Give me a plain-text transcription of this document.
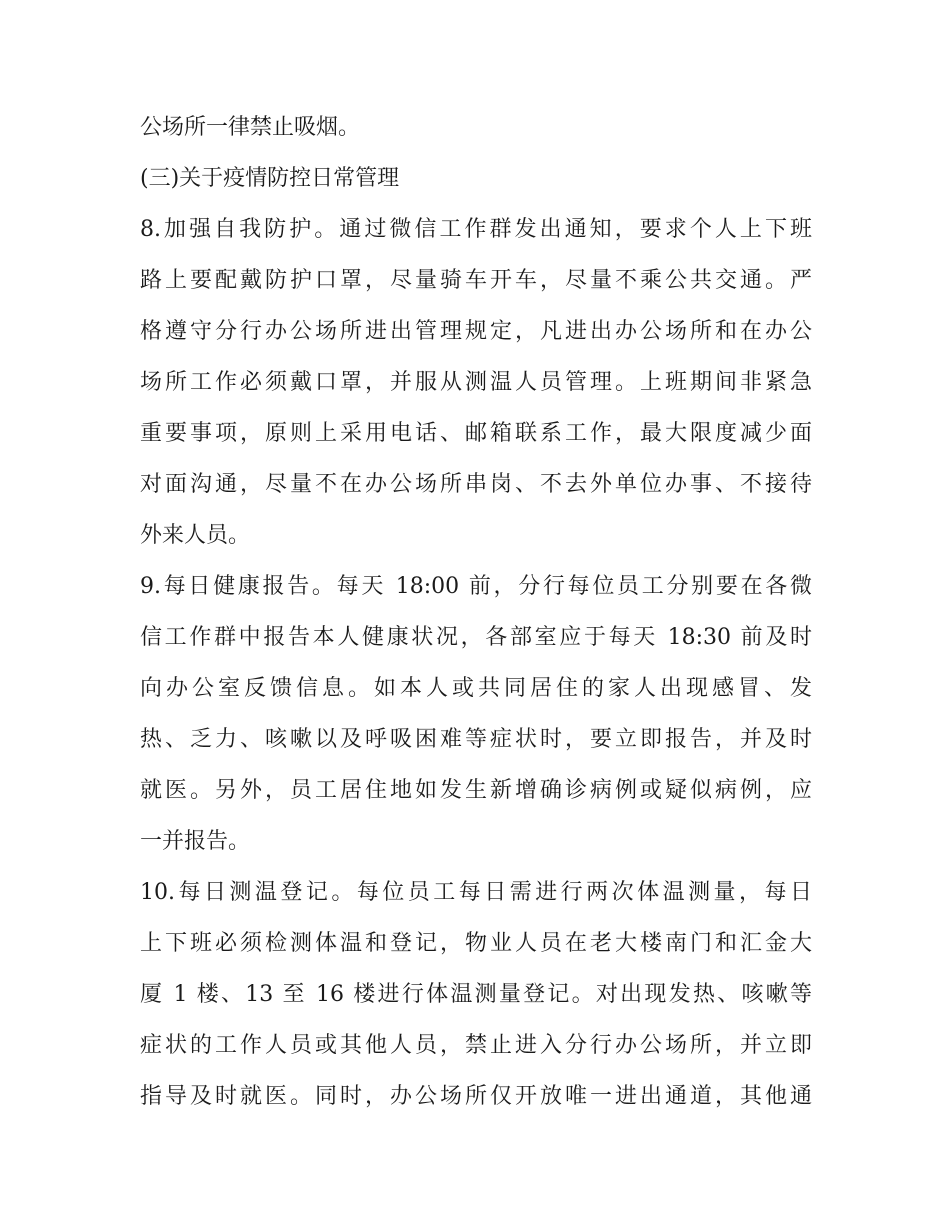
公场所一律禁止吸烟。
(三)关于疫情防控日常管理
8.加强自我防护。通过微信工作群发出通知，要求个人上下班
路上要配戴防护口罩，尽量骑车开车，尽量不乘公共交通。严
格遵守分行办公场所进出管理规定，凡进出办公场所和在办公
场所工作必须戴口罩，并服从测温人员管理。上班期间非紧急
重要事项，原则上采用电话、邮箱联系工作，最大限度减少面
对面沟通，尽量不在办公场所串岗、不去外单位办事、不接待
外来人员。
9.每日健康报告。每天 18:00 前，分行每位员工分别要在各微
信工作群中报告本人健康状况，各部室应于每天 18:30 前及时
向办公室反馈信息。如本人或共同居住的家人出现感冒、发
热、乏力、咳嗽以及呼吸困难等症状时，要立即报告，并及时
就医。另外，员工居住地如发生新增确诊病例或疑似病例，应
一并报告。
10.每日测温登记。每位员工每日需进行两次体温测量，每日
上下班必须检测体温和登记，物业人员在老大楼南门和汇金大
厦 1 楼、13 至 16 楼进行体温测量登记。对出现发热、咳嗽等
症状的工作人员或其他人员，禁止进入分行办公场所，并立即
指导及时就医。同时，办公场所仅开放唯一进出通道，其他通
